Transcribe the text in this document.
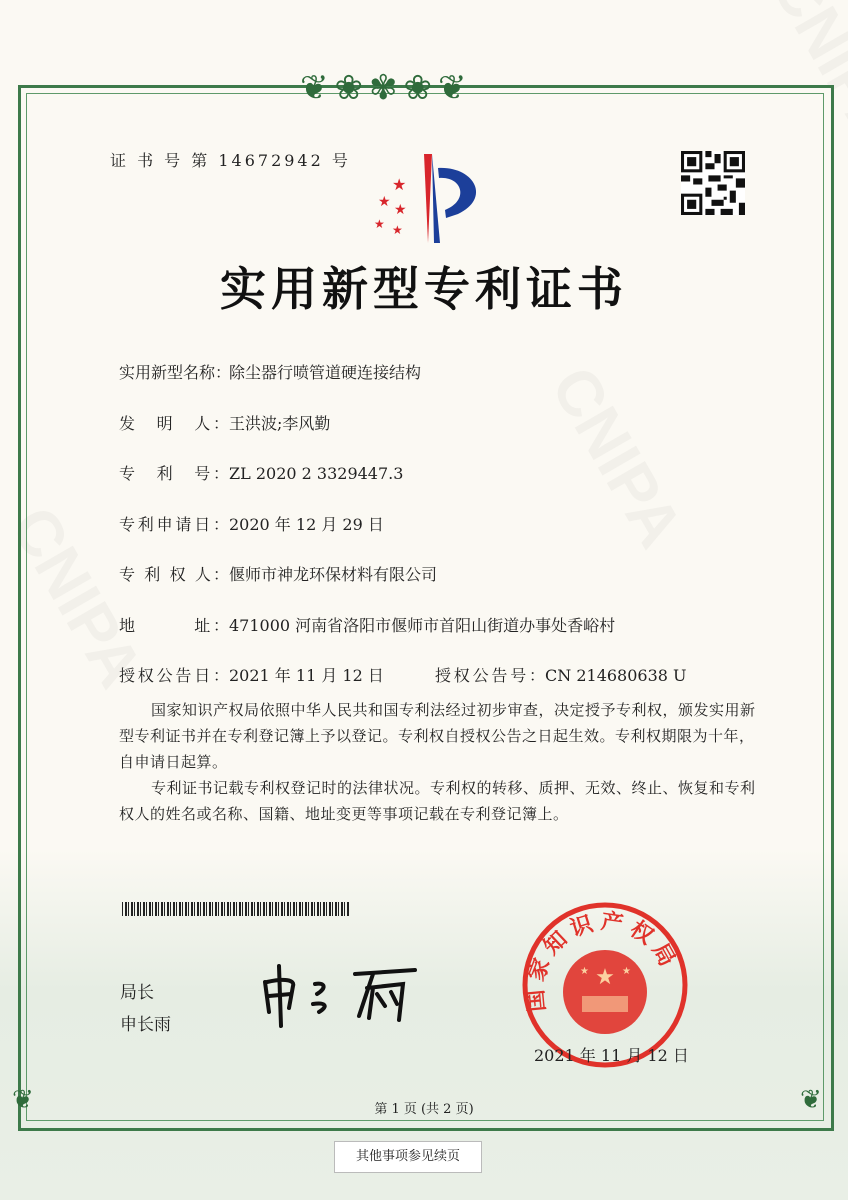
❦❀✾❀❦
❦	❦
证 书 号 第 14672942 号
★
★ ★
★ ★
实用新型专利证书
实用新型名称：除尘器行喷管道硬连接结构
发　明　人：王洪波;李风勤
专　利　号：ZL 2020 2 3329447.3
专利申请日：2020 年 12 月 29 日
专 利 权 人：偃师市神龙环保材料有限公司
地　　　址：471000 河南省洛阳市偃师市首阳山街道办事处香峪村
授权公告日：2021 年 11 月 12 日	授权公告号：CN 214680638 U
国家知识产权局依照中华人民共和国专利法经过初步审查，决定授予专利权，颁发实用新型专利证书并在专利登记簿上予以登记。专利权自授权公告之日起生效。专利权期限为十年，自申请日起算。
专利证书记载专利权登记时的法律状况。专利权的转移、质押、无效、终止、恢复和专利权人的姓名或名称、国籍、地址变更等事项记载在专利登记簿上。
局长
申长雨
★
★	★
国家知识产权局
2021 年 11 月 12 日
第 1 页 (共 2 页)
其他事项参见续页
